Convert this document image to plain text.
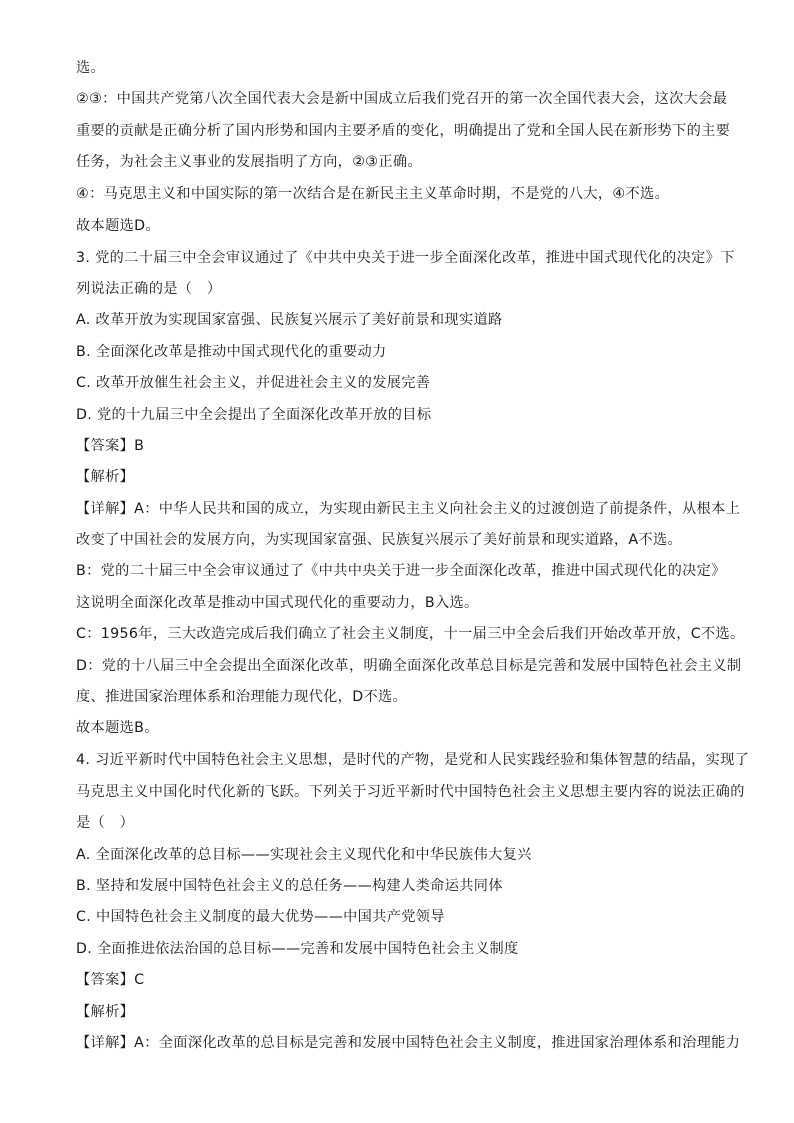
选。
②③：中国共产党第八次全国代表大会是新中国成立后我们党召开的第一次全国代表大会，这次大会最
重要的贡献是正确分析了国内形势和国内主要矛盾的变化，明确提出了党和全国人民在新形势下的主要
任务，为社会主义事业的发展指明了方向，②③正确。
④：马克思主义和中国实际的第一次结合是在新民主主义革命时期，不是党的八大，④不选。
故本题选D。
3. 党的二十届三中全会审议通过了《中共中央关于进一步全面深化改革，推进中国式现代化的决定》下
列说法正确的是（　）
A. 改革开放为实现国家富强、民族复兴展示了美好前景和现实道路
B. 全面深化改革是推动中国式现代化的重要动力
C. 改革开放催生社会主义，并促进社会主义的发展完善
D. 党的十九届三中全会提出了全面深化改革开放的目标
【答案】B
【解析】
【详解】A：中华人民共和国的成立，为实现由新民主主义向社会主义的过渡创造了前提条件，从根本上
改变了中国社会的发展方向，为实现国家富强、民族复兴展示了美好前景和现实道路，A不选。
B：党的二十届三中全会审议通过了《中共中央关于进一步全面深化改革，推进中国式现代化的决定》
这说明全面深化改革是推动中国式现代化的重要动力，B入选。
C：1956年，三大改造完成后我们确立了社会主义制度，十一届三中全会后我们开始改革开放，C不选。
D：党的十八届三中全会提出全面深化改革，明确全面深化改革总目标是完善和发展中国特色社会主义制
度、推进国家治理体系和治理能力现代化，D不选。
故本题选B。
4. 习近平新时代中国特色社会主义思想，是时代的产物，是党和人民实践经验和集体智慧的结晶，实现了
马克思主义中国化时代化新的飞跃。下列关于习近平新时代中国特色社会主义思想主要内容的说法正确的
是（　）
A. 全面深化改革的总目标——实现社会主义现代化和中华民族伟大复兴
B. 坚持和发展中国特色社会主义的总任务——构建人类命运共同体
C. 中国特色社会主义制度的最大优势——中国共产党领导
D. 全面推进依法治国的总目标——完善和发展中国特色社会主义制度
【答案】C
【解析】
【详解】A：全面深化改革的总目标是完善和发展中国特色社会主义制度，推进国家治理体系和治理能力
